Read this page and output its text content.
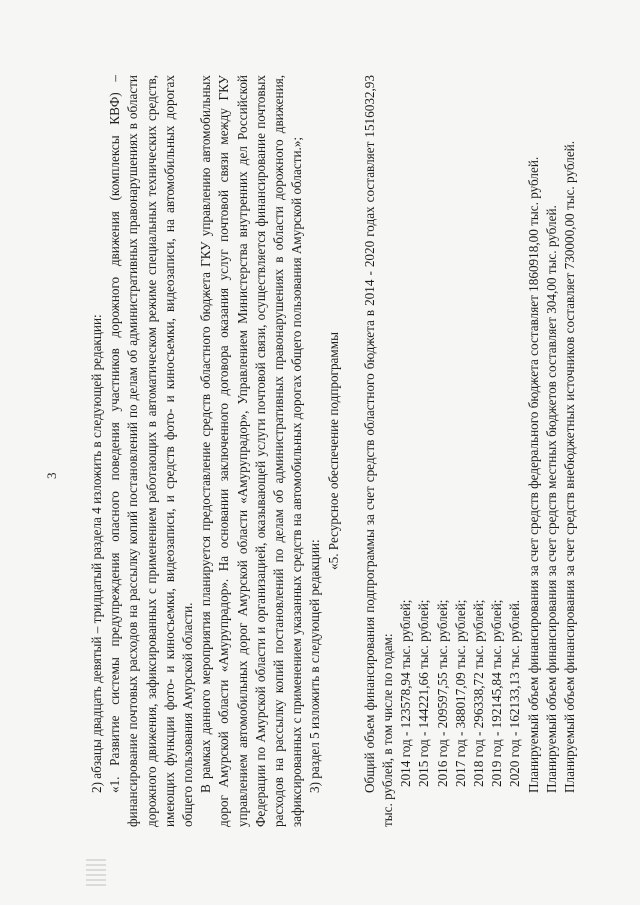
3 2) абзацы двадцать девятый – тридцатый раздела 4 изложить в следующей редакции: «1. Развитие системы предупреждения опасного поведения участников дорожного движения (комплексы КВФ) – финансирование почтовых расходов на рассылку копий постановлений по делам об административных правонарушениях в области дорожного движения, зафиксированных с применением работающих в автоматическом режиме специальных технических средств, имеющих функции фото- и киносъемки, видеозаписи, и средств фото- и киносъемки, видеозаписи, на автомобильных дорогах общего пользования Амурской области. В рамках данного мероприятия планируется предоставление средств областного бюджета ГКУ управлению автомобильных дорог Амурской области «Амурупрадор». На основании заключенного договора оказания услуг почтовой связи между ГКУ управлением автомобильных дорог Амурской области «Амурупрадор», Управлением Министерства внутренних дел Российской Федерации по Амурской области и организацией, оказывающей услуги почтовой связи, осуществляется финансирование почтовых расходов на рассылку копий постановлений по делам об административных правонарушениях в области дорожного движения, зафиксированных с применением указанных средств на автомобильных дорогах общего пользования Амурской области.»; 3) раздел 5 изложить в следующей редакции:

«5. Ресурсное обеспечение подпрограммы Общий объем финансирования подпрограммы за счет средств областного бюджета в 2014 - 2020 годах составляет 1516032,93 тыс. рублей, в том числе по годам: 2014 год - 123578,94 тыс. рублей; 2015 год - 144221,66 тыс. рублей; 2016 год - 209597,55 тыс. рублей; 2017 год - 388017,09 тыс. рублей; 2018 год - 296338,72 тыс. рублей; 2019 год - 192145,84 тыс. рублей; 2020 год - 162133,13 тыс. рублей. Планируемый объем финансирования за счет средств федерального бюджета составляет 1860918,00 тыс. рублей. Планируемый объем финансирования за счет средств местных бюджетов составляет 304,00 тыс. рублей. Планируемый объем финансирования за счет средств внебюджетных источников составляет 730000,00 тыс. рублей.
